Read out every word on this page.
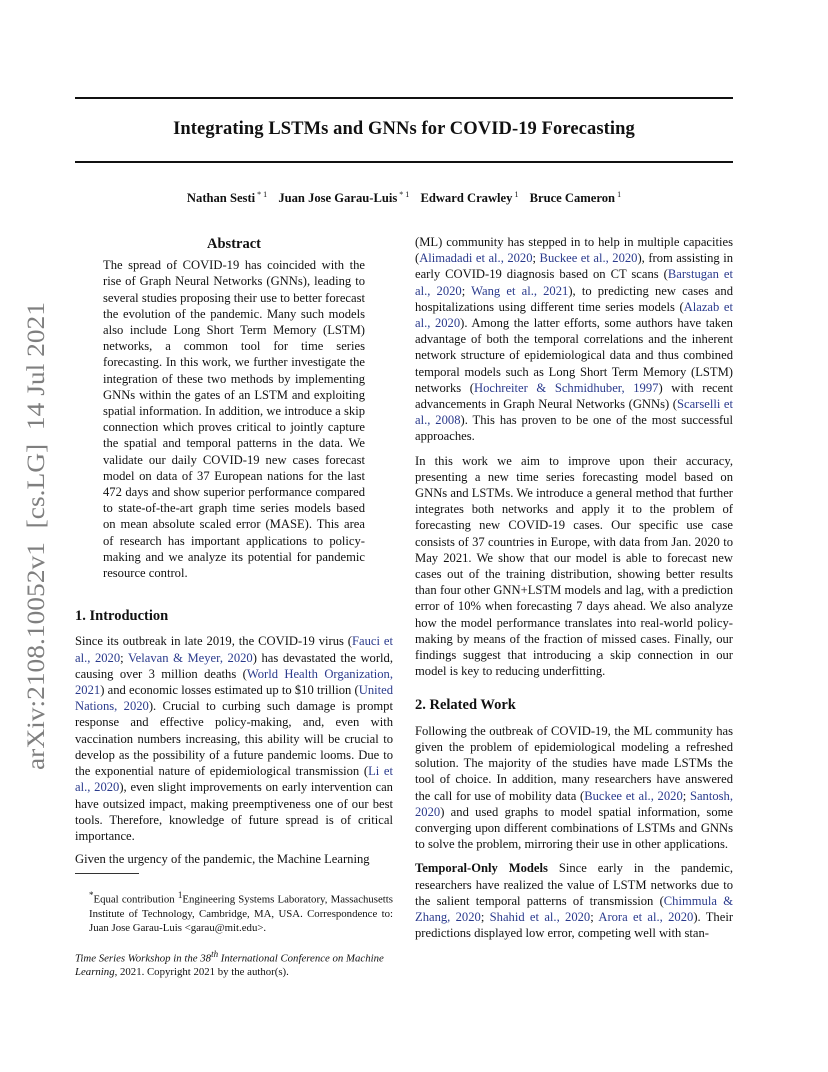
Integrating LSTMs and GNNs for COVID-19 Forecasting
Nathan Sesti $^{* 1}$ Juan Jose Garau-Luis $^{* 1}$ Edward Crawley $^1$ Bruce Cameron $^1$
arXiv:2108.10052v1  [cs.LG]  14 Jul 2021
Abstract

The spread of COVID-19 has coincided with the rise of Graph Neural Networks (GNNs), leading to several studies proposing their use to better forecast the evolution of the pandemic. Many such models also include Long Short Term Memory (LSTM) networks, a common tool for time series forecasting. In this work, we further investigate the integration of these two methods by implementing GNNs within the gates of an LSTM and exploiting spatial information. In addition, we introduce a skip connection which proves critical to jointly capture the spatial and temporal patterns in the data. We validate our daily COVID-19 new cases forecast model on data of 37 European nations for the last 472 days and show superior performance compared to state-of-the-art graph time series models based on mean absolute scaled error (MASE). This area of research has important applications to policy-making and we analyze its potential for pandemic resource control.

1. Introduction

Since its outbreak in late 2019, the COVID-19 virus (Fauci et al., 2020; Velavan & Meyer, 2020) has devastated the world, causing over 3 million deaths (World Health Organization, 2021) and economic losses estimated up to $10 trillion (United Nations, 2020). Crucial to curbing such damage is prompt response and effective policy-making, and, even with vaccination numbers increasing, this ability will be crucial to develop as the possibility of a future pandemic looms. Due to the exponential nature of epidemiological transmission (Li et al., 2020), even slight improvements on early intervention can have outsized impact, making preemptiveness one of our best tools. Therefore, knowledge of future spread is of critical importance.

Given the urgency of the pandemic, the Machine Learning

*Equal contribution $^1$Engineering Systems Laboratory, Massachusetts Institute of Technology, Cambridge, MA, USA. Correspondence to: Juan Jose Garau-Luis <garau@mit.edu>.
Time Series Workshop in the 38th International Conference on Machine Learning, 2021. Copyright 2021 by the author(s).

(ML) community has stepped in to help in multiple capacities (Alimadadi et al., 2020; Buckee et al., 2020), from assisting in early COVID-19 diagnosis based on CT scans (Barstugan et al., 2020; Wang et al., 2021), to predicting new cases and hospitalizations using different time series models (Alazab et al., 2020). Among the latter efforts, some authors have taken advantage of both the temporal correlations and the inherent network structure of epidemiological data and thus combined temporal models such as Long Short Term Memory (LSTM) networks (Hochreiter & Schmidhuber, 1997) with recent advancements in Graph Neural Networks (GNNs) (Scarselli et al., 2008). This has proven to be one of the most successful approaches.

In this work we aim to improve upon their accuracy, presenting a new time series forecasting model based on GNNs and LSTMs. We introduce a general method that further integrates both networks and apply it to the problem of forecasting new COVID-19 cases. Our specific use case consists of 37 countries in Europe, with data from Jan. 2020 to May 2021. We show that our model is able to forecast new cases out of the training distribution, showing better results than four other GNN+LSTM models and lag, with a prediction error of 10% when forecasting 7 days ahead. We also analyze how the model performance translates into real-world policy-making by means of the fraction of missed cases. Finally, our findings suggest that introducing a skip connection in our model is key to reducing underfitting.

2. Related Work

Following the outbreak of COVID-19, the ML community has given the problem of epidemiological modeling a refreshed solution. The majority of the studies have made LSTMs the tool of choice. In addition, many researchers have answered the call for use of mobility data (Buckee et al., 2020; Santosh, 2020) and used graphs to model spatial information, some converging upon different combinations of LSTMs and GNNs to solve the problem, mirroring their use in other applications.

Temporal-Only Models Since early in the pandemic, researchers have realized the value of LSTM networks due to the salient temporal patterns of transmission (Chimmula & Zhang, 2020; Shahid et al., 2020; Arora et al., 2020). Their predictions displayed low error, competing well with stan-
